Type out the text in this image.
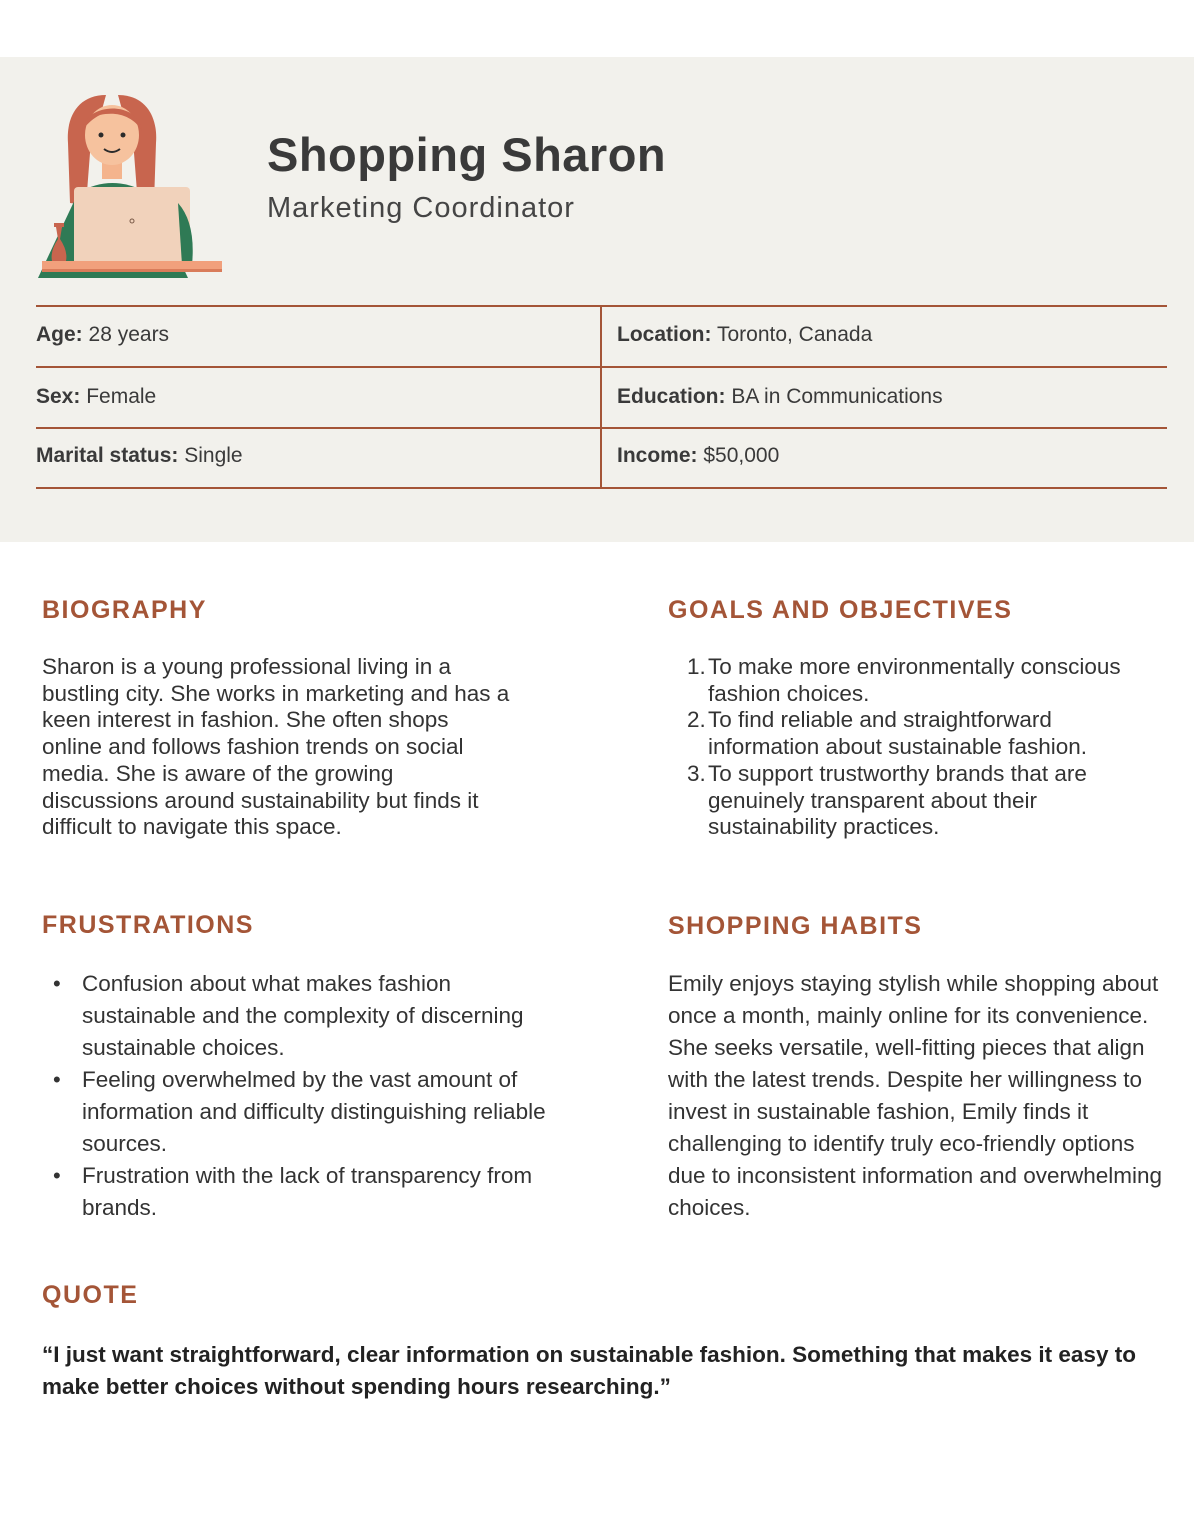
Shopping Sharon
Marketing Coordinator
Age: 28 years	Location: Toronto, Canada
Sex: Female	Education: BA in Communications
Marital status: Single	Income: $50,000
BIOGRAPHY

Sharon is a young professional living in a bustling city. She works in marketing and has a keen interest in fashion. She often shops online and follows fashion trends on social media. She is aware of the growing discussions around sustainability but finds it difficult to navigate this space.

GOALS AND OBJECTIVES
1. To make more environmentally conscious fashion choices.
2. To find reliable and straightforward information about sustainable fashion.
3. To support trustworthy brands that are genuinely transparent about their sustainability practices.
FRUSTRATIONS
• Confusion about what makes fashion sustainable and the complexity of discerning sustainable choices.
• Feeling overwhelmed by the vast amount of information and difficulty distinguishing reliable sources.
• Frustration with the lack of transparency from brands.
SHOPPING HABITS

Emily enjoys staying stylish while shopping about once a month, mainly online for its convenience. She seeks versatile, well-fitting pieces that align with the latest trends. Despite her willingness to invest in sustainable fashion, Emily finds it challenging to identify truly eco-friendly options due to inconsistent information and overwhelming choices.

QUOTE

“I just want straightforward, clear information on sustainable fashion. Something that makes it easy to make better choices without spending hours researching.”
